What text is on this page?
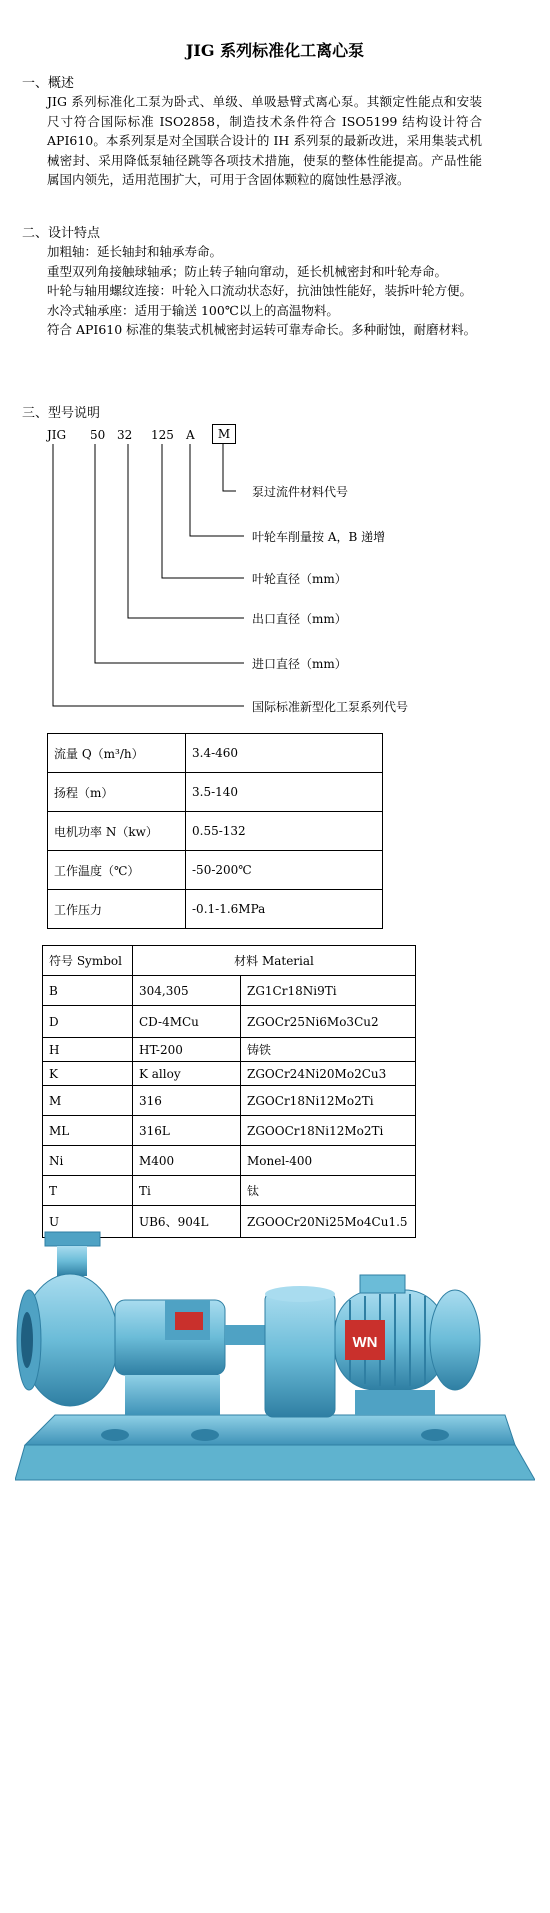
JIG 系列标准化工离心泵
一、概述

JIG 系列标准化工泵为卧式、单级、单吸悬臂式离心泵。其额定性能点和安装尺寸符合国际标准 ISO2858，制造技术条件符合 ISO5199 结构设计符合 API610。本系列泵是对全国联合设计的 IH 系列泵的最新改进，采用集装式机械密封、采用降低泵轴径跳等各项技术措施，使泵的整体性能提高。产品性能属国内领先，适用范围扩大，可用于含固体颗粒的腐蚀性悬浮液。

二、设计特点

加粗轴：延长轴封和轴承寿命。

重型双列角接触球轴承；防止转子轴向窜动，延长机械密封和叶轮寿命。

叶轮与轴用螺纹连接：叶轮入口流动状态好，抗油蚀性能好，装拆叶轮方便。

水冷式轴承座：适用于输送 100℃以上的高温物料。

符合 API610 标准的集装式机械密封运转可靠寿命长。多种耐蚀，耐磨材料。

三、型号说明
JIG 50 32 125 A	M
泵过流件材料代号
叶轮车削量按 A，B 递增
叶轮直径（mm）
出口直径（mm）
进口直径（mm）
国际标准新型化工泵系列代号
流量 Q（m³/h）	3.4-460
扬程（m）	3.5-140
电机功率 N（kw）	0.55-132
工作温度（℃）	-50-200℃
工作压力	-0.1-1.6MPa
符号 Symbol	材料 Material	
B	304,305	ZG1Cr18Ni9Ti
D	CD-4MCu	ZGOCr25Ni6Mo3Cu2
H	HT-200	铸铁
K	K alloy	ZGOCr24Ni20Mo2Cu3
M	316	ZGOCr18Ni12Mo2Ti
ML	316L	ZGOOCr18Ni12Mo2Ti
Ni	M400	Monel-400
T	Ti	钛
U	UB6、904L	ZGOOCr20Ni25Mo4Cu1.5
WN
